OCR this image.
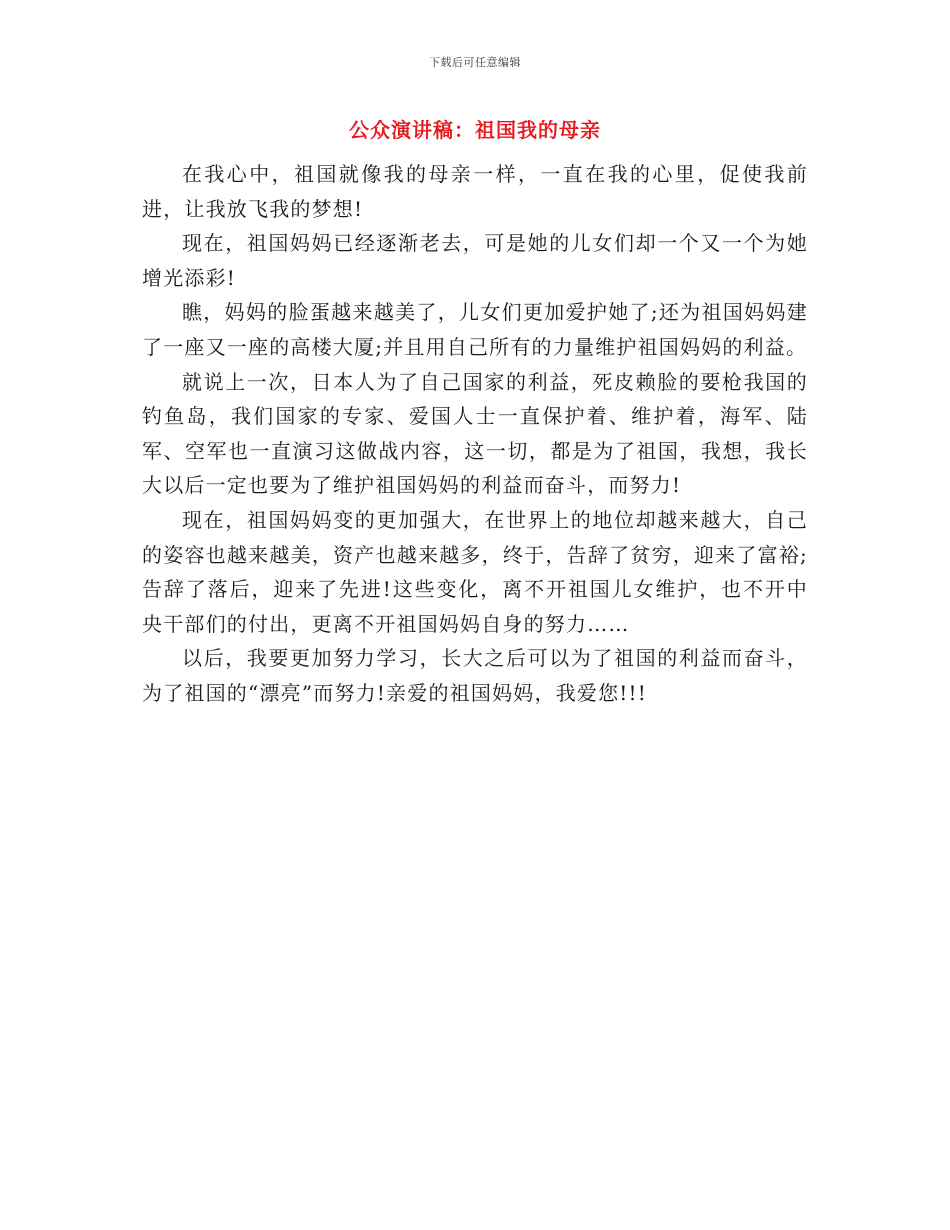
下载后可任意编辑
公众演讲稿：祖国我的母亲

在我心中，祖国就像我的母亲一样，一直在我的心里，促使我前进，让我放飞我的梦想!

现在，祖国妈妈已经逐渐老去，可是她的儿女们却一个又一个为她增光添彩!

瞧，妈妈的脸蛋越来越美了，儿女们更加爱护她了;还为祖国妈妈建了一座又一座的高楼大厦;并且用自己所有的力量维护祖国妈妈的利益。

就说上一次，日本人为了自己国家的利益，死皮赖脸的要枪我国的钓鱼岛，我们国家的专家、爱国人士一直保护着、维护着，海军、陆军、空军也一直演习这做战内容，这一切，都是为了祖国，我想，我长大以后一定也要为了维护祖国妈妈的利益而奋斗，而努力!

现在，祖国妈妈变的更加强大，在世界上的地位却越来越大，自己的姿容也越来越美，资产也越来越多，终于，告辞了贫穷，迎来了富裕;告辞了落后，迎来了先进!这些变化，离不开祖国儿女维护，也不开中央干部们的付出，更离不开祖国妈妈自身的努力……

以后，我要更加努力学习，长大之后可以为了祖国的利益而奋斗，为了祖国的“漂亮”而努力!亲爱的祖国妈妈，我爱您!!!
